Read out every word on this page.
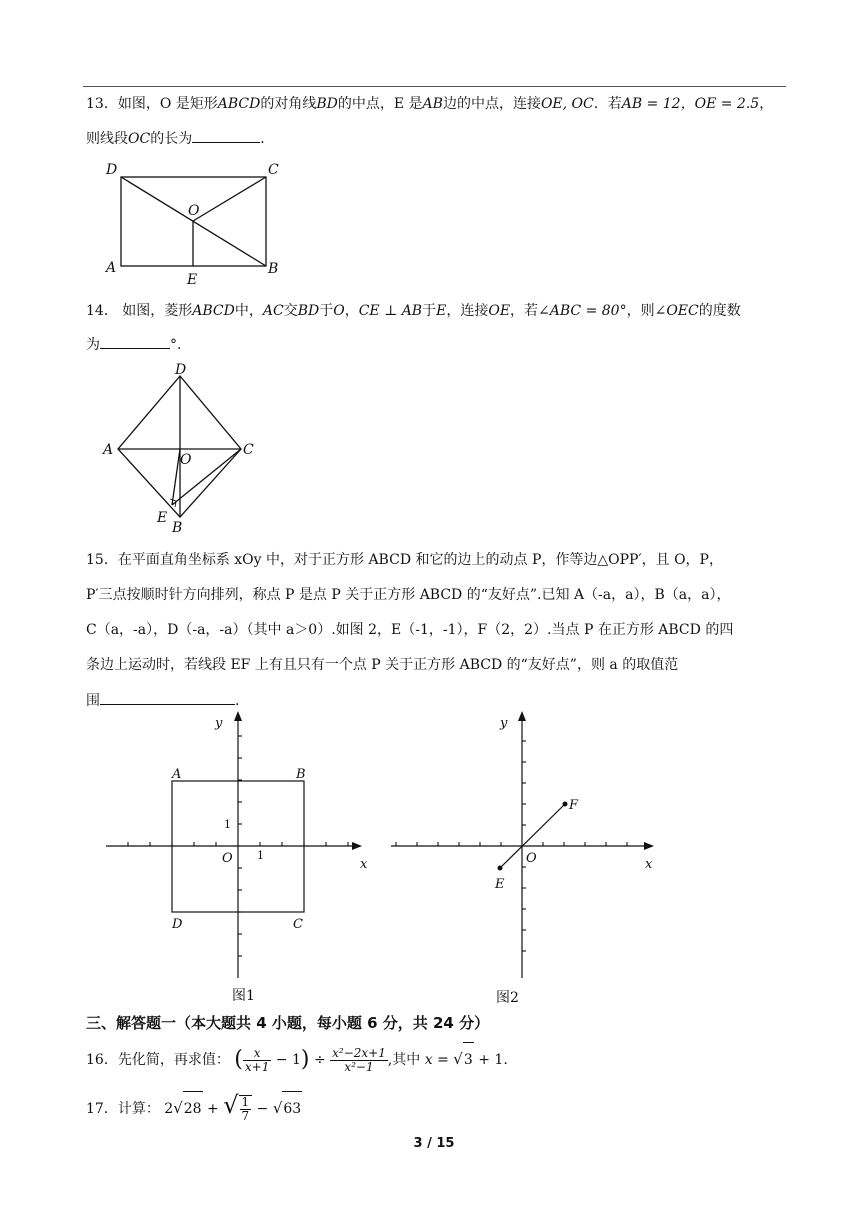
13．如图，O 是矩形ABCD的对角线BD的中点，E 是AB边的中点，连接OE, OC．若AB = 12，OE = 2.5，
则线段OC的长为	．
D	C
O
A
E
B
14． 如图，菱形ABCD中，AC交BD于O，CE ⊥ AB于E，连接OE，若∠ABC = 80°，则∠OEC的度数
为	°．
D
A
O
C
E
B
15．在平面直角坐标系 xOy 中，对于正方形 ABCD 和它的边上的动点 P，作等边△OPP′，且 O，P，
P′三点按顺时针方向排列，称点 P 是点 P 关于正方形 ABCD 的“友好点”.已知 A（-a，a），B（a，a），
C（a，-a），D（-a，-a）（其中 a＞0）.如图 2，E（-1，-1），F（2，2）.当点 P 在正方形 ABCD 的四
条边上运动时，若线段 EF 上有且只有一个点 P 关于正方形 ABCD 的“友好点”，则 a 的取值范
围	.
y
x
A	B
D	C
O
1
1
图1
y
x
O
E
F
图2
三、解答题一（本大题共 4 小题，每小题 6 分，共 24 分）
16．先化简，再求值： ( $\frac{x}{x+1} - 1) \div \frac{\text{x²−2x+1}}{\text{x²−1}}$ ,其中 x = √3 + 1.
17．计算： 2√28 + √ $\frac{1}{7} - √63$
3 / 15
